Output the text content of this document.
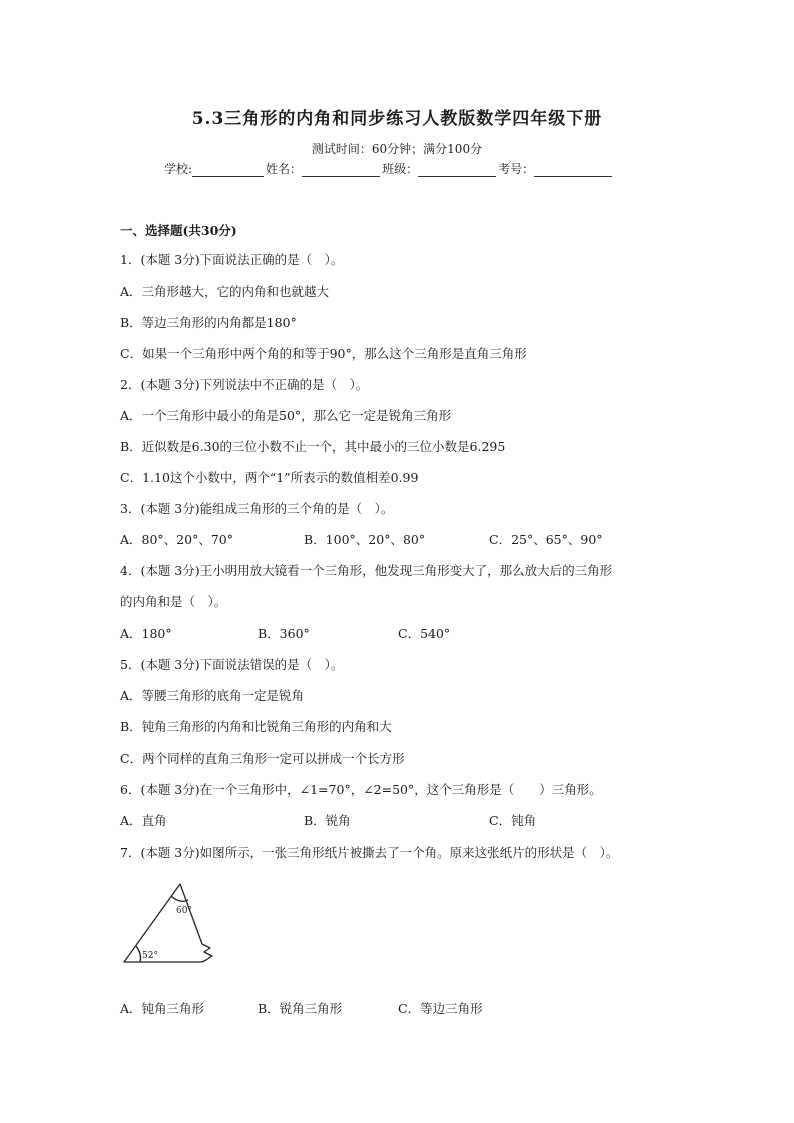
5.3三角形的内角和同步练习人教版数学四年级下册
测试时间：60分钟；满分100分
学校:	姓名：	班级：	考号：
一、选择题(共30分)
1．(本题 3分)下面说法正确的是（　）。
A．三角形越大，它的内角和也就越大
B．等边三角形的内角都是180°
C．如果一个三角形中两个角的和等于90°，那么这个三角形是直角三角形
2．(本题 3分)下列说法中不正确的是（　）。
A．一个三角形中最小的角是50°，那么它一定是锐角三角形
B．近似数是6.30的三位小数不止一个，其中最小的三位小数是6.295
C．1.10这个小数中，两个“1”所表示的数值相差0.99
3．(本题 3分)能组成三角形的三个角的是（　）。
A．80°、20°、70°	B．100°、20°、80°	C．25°、65°、90°
4．(本题 3分)王小明用放大镜看一个三角形，他发现三角形变大了，那么放大后的三角形
的内角和是（　）。
A．180°	B．360°	C．540°
5．(本题 3分)下面说法错误的是（　）。
A．等腰三角形的底角一定是锐角
B．钝角三角形的内角和比锐角三角形的内角和大
C．两个同样的直角三角形一定可以拼成一个长方形
6．(本题 3分)在一个三角形中，∠1=70°，∠2=50°，这个三角形是（　　）三角形。
A．直角	B．锐角	C．钝角
7．(本题 3分)如图所示，一张三角形纸片被撕去了一个角。原来这张纸片的形状是（　）。
60°
52°
A．钝角三角形	B．锐角三角形	C．等边三角形
